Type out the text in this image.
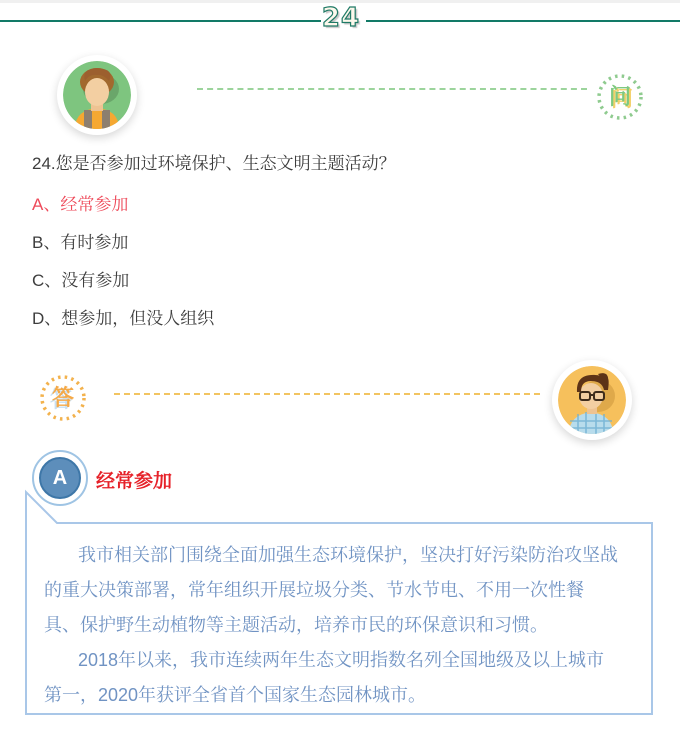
24
问
24.您是否参加过环境保护、生态文明主题活动？
A、经常参加
B、有时参加
C、没有参加
D、想参加，但没人组织
答
A	经常参加
我市相关部门围绕全面加强生态环境保护，坚决打好污染防治攻坚战
的重大决策部署，常年组织开展垃圾分类、节水节电、不用一次性餐
具、保护野生动植物等主题活动，培养市民的环保意识和习惯。
2018年以来，我市连续两年生态文明指数名列全国地级及以上城市
第一，2020年获评全省首个国家生态园林城市。
